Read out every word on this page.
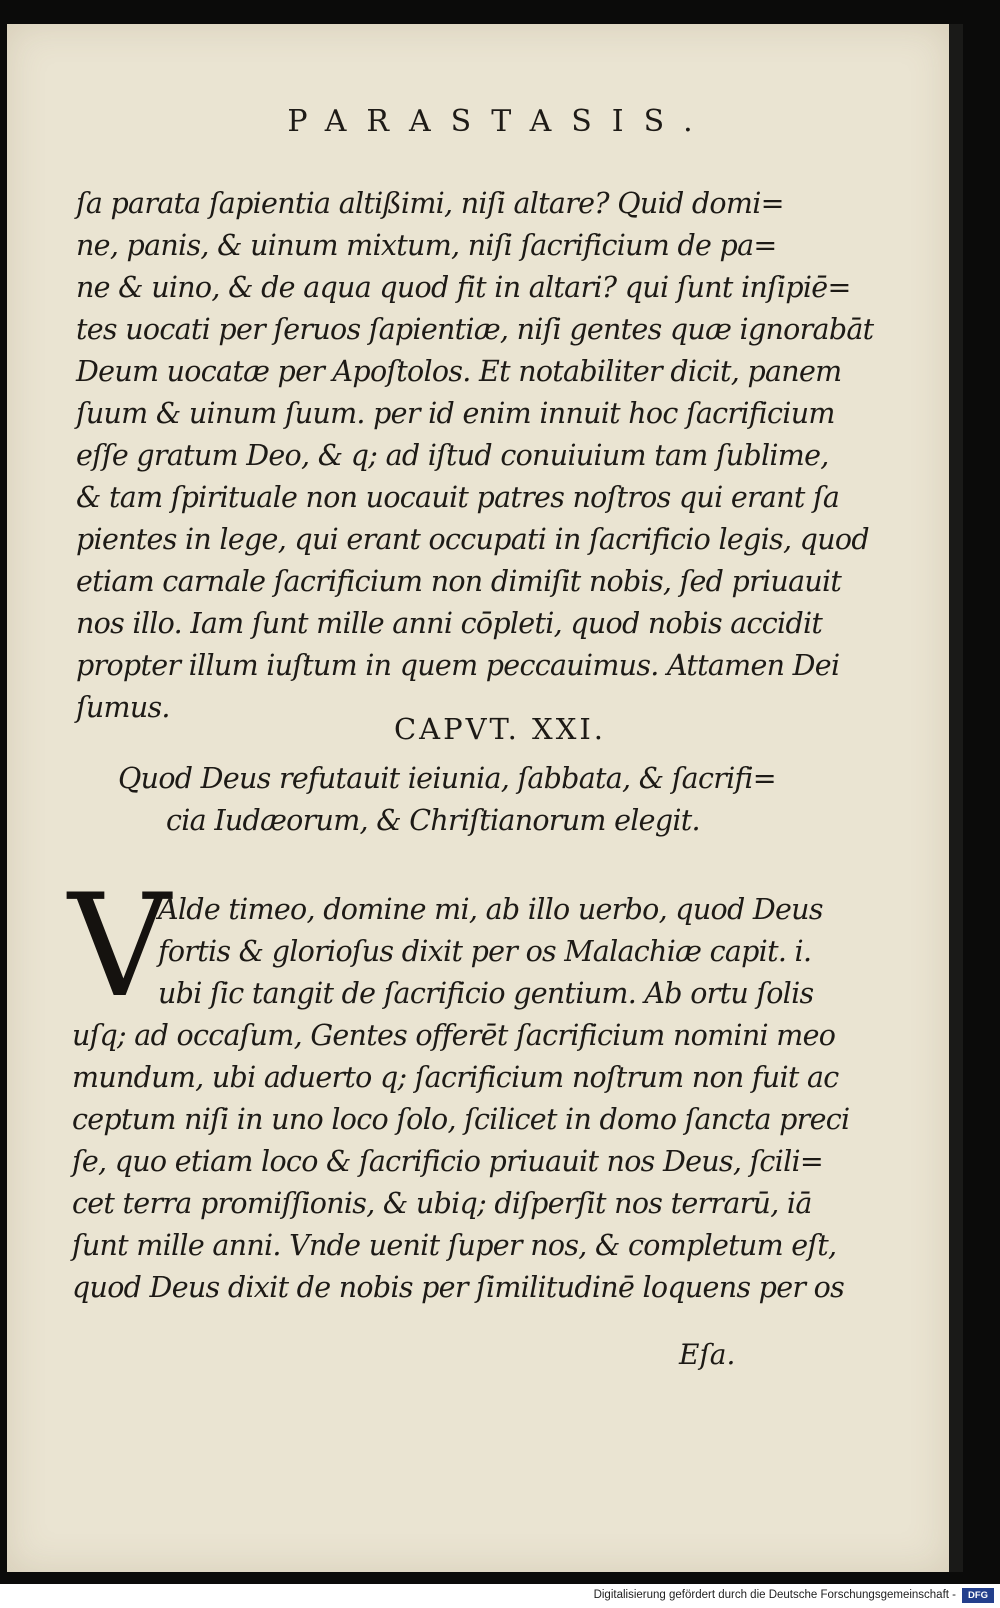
PARASTASIS.
ſa parata ſapientia altißimi, niſi altare? Quid domi=
ne, panis, & uinum mixtum, niſi ſacrificium de pa=
ne & uino, & de aqua quod fit in altari? qui ſunt inſipiē=
tes uocati per ſeruos ſapientiæ, niſi gentes quæ ignorabāt
Deum uocatæ per Apoſtolos. Et notabiliter dicit, panem
ſuum & uinum ſuum. per id enim innuit hoc ſacrificium
eſſe gratum Deo, & q; ad iſtud conuiuium tam ſublime,
& tam ſpirituale non uocauit patres noſtros qui erant ſa
pientes in lege, qui erant occupati in ſacrificio legis, quod
etiam carnale ſacrificium non dimiſit nobis, ſed priuauit
nos illo. Iam ſunt mille anni cōpleti, quod nobis accidit
propter illum iuſtum in quem peccauimus. Attamen Dei
ſumus.
CAPVT. XXI.
Quod Deus refutauit ieiunia, ſabbata, & ſacrifi=
cia Iudæorum, & Chriſtianorum elegit.
V
Alde timeo, domine mi, ab illo uerbo, quod Deus
fortis & glorioſus dixit per os Malachiæ capit. i.
ubi ſic tangit de ſacrificio gentium. Ab ortu ſolis
uſq; ad occaſum, Gentes offerēt ſacrificium nomini meo
mundum, ubi aduerto q; ſacrificium noſtrum non fuit ac
ceptum niſi in uno loco ſolo, ſcilicet in domo ſancta preci
ſe, quo etiam loco & ſacrificio priuauit nos Deus, ſcili=
cet terra promiſſionis, & ubiq; diſperſit nos terrarū, iā
ſunt mille anni. Vnde uenit ſuper nos, & completum eſt,
quod Deus dixit de nobis per ſimilitudinē loquens per os
Eſa.
Digitalisierung gefördert durch die Deutsche Forschungsgemeinschaft -	DFG
